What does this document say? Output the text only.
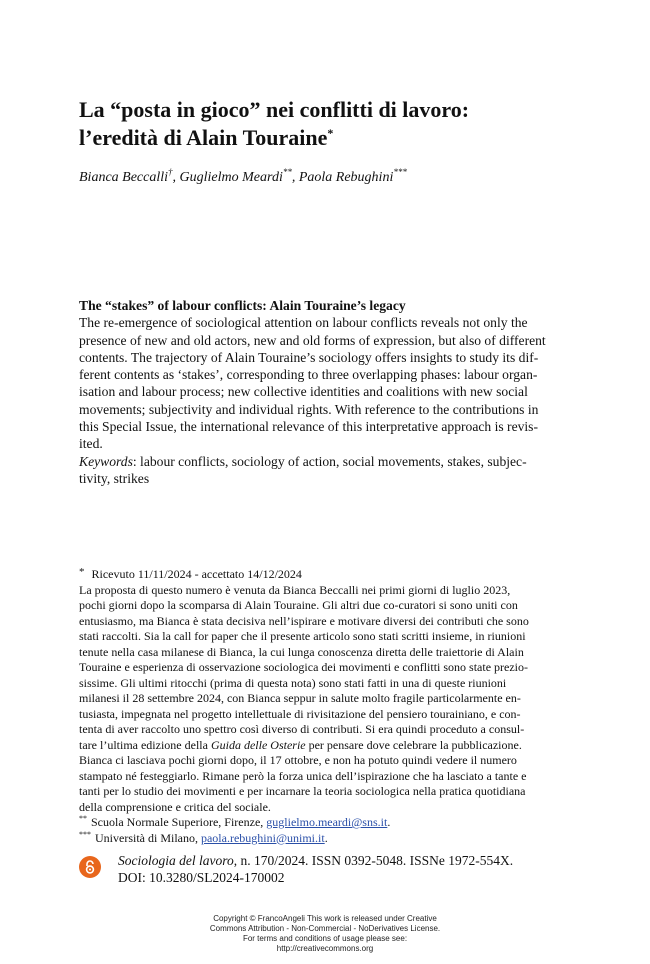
La “posta in gioco” nei conflitti di lavoro:
l’eredità di Alain Touraine*
Bianca Beccalli†, Guglielmo Meardi**, Paola Rebughini***
The “stakes” of labour conflicts: Alain Touraine’s legacy
The re-emergence of sociological attention on labour conflicts reveals not only the
presence of new and old actors, new and old forms of expression, but also of different
contents. The trajectory of Alain Touraine’s sociology offers insights to study its dif-
ferent contents as ‘stakes’, corresponding to three overlapping phases: labour organ-
isation and labour process; new collective identities and coalitions with new social
movements; subjectivity and individual rights. With reference to the contributions in
this Special Issue, the international relevance of this interpretative approach is revis-
ited.
Keywords: labour conflicts, sociology of action, social movements, stakes, subjec-
tivity, strikes
* Ricevuto 11/11/2024 - accettato 14/12/2024
La proposta di questo numero è venuta da Bianca Beccalli nei primi giorni di luglio 2023,
pochi giorni dopo la scomparsa di Alain Touraine. Gli altri due co-curatori si sono uniti con
entusiasmo, ma Bianca è stata decisiva nell’ispirare e motivare diversi dei contributi che sono
stati raccolti. Sia la call for paper che il presente articolo sono stati scritti insieme, in riunioni
tenute nella casa milanese di Bianca, la cui lunga conoscenza diretta delle traiettorie di Alain
Touraine e esperienza di osservazione sociologica dei movimenti e conflitti sono state prezio-
sissime. Gli ultimi ritocchi (prima di questa nota) sono stati fatti in una di queste riunioni
milanesi il 28 settembre 2024, con Bianca seppur in salute molto fragile particolarmente en-
tusiasta, impegnata nel progetto intellettuale di rivisitazione del pensiero tourainiano, e con-
tenta di aver raccolto uno spettro così diverso di contributi. Si era quindi proceduto a consul-
tare l’ultima edizione della Guida delle Osterie per pensare dove celebrare la pubblicazione.
Bianca ci lasciava pochi giorni dopo, il 17 ottobre, e non ha potuto quindi vedere il numero
stampato né festeggiarlo. Rimane però la forza unica dell’ispirazione che ha lasciato a tante e
tanti per lo studio dei movimenti e per incarnare la teoria sociologica nella pratica quotidiana
della comprensione e critica del sociale.
** Scuola Normale Superiore, Firenze, guglielmo.meardi@sns.it.
*** Università di Milano, paola.rebughini@unimi.it.
Sociologia del lavoro, n. 170/2024. ISSN 0392-5048. ISSNe 1972-554X.
DOI: 10.3280/SL2024-170002
Copyright © FrancoAngeli This work is released under Creative
Commons Attribution - Non-Commercial - NoDerivatives License.
For terms and conditions of usage please see:
http://creativecommons.org
